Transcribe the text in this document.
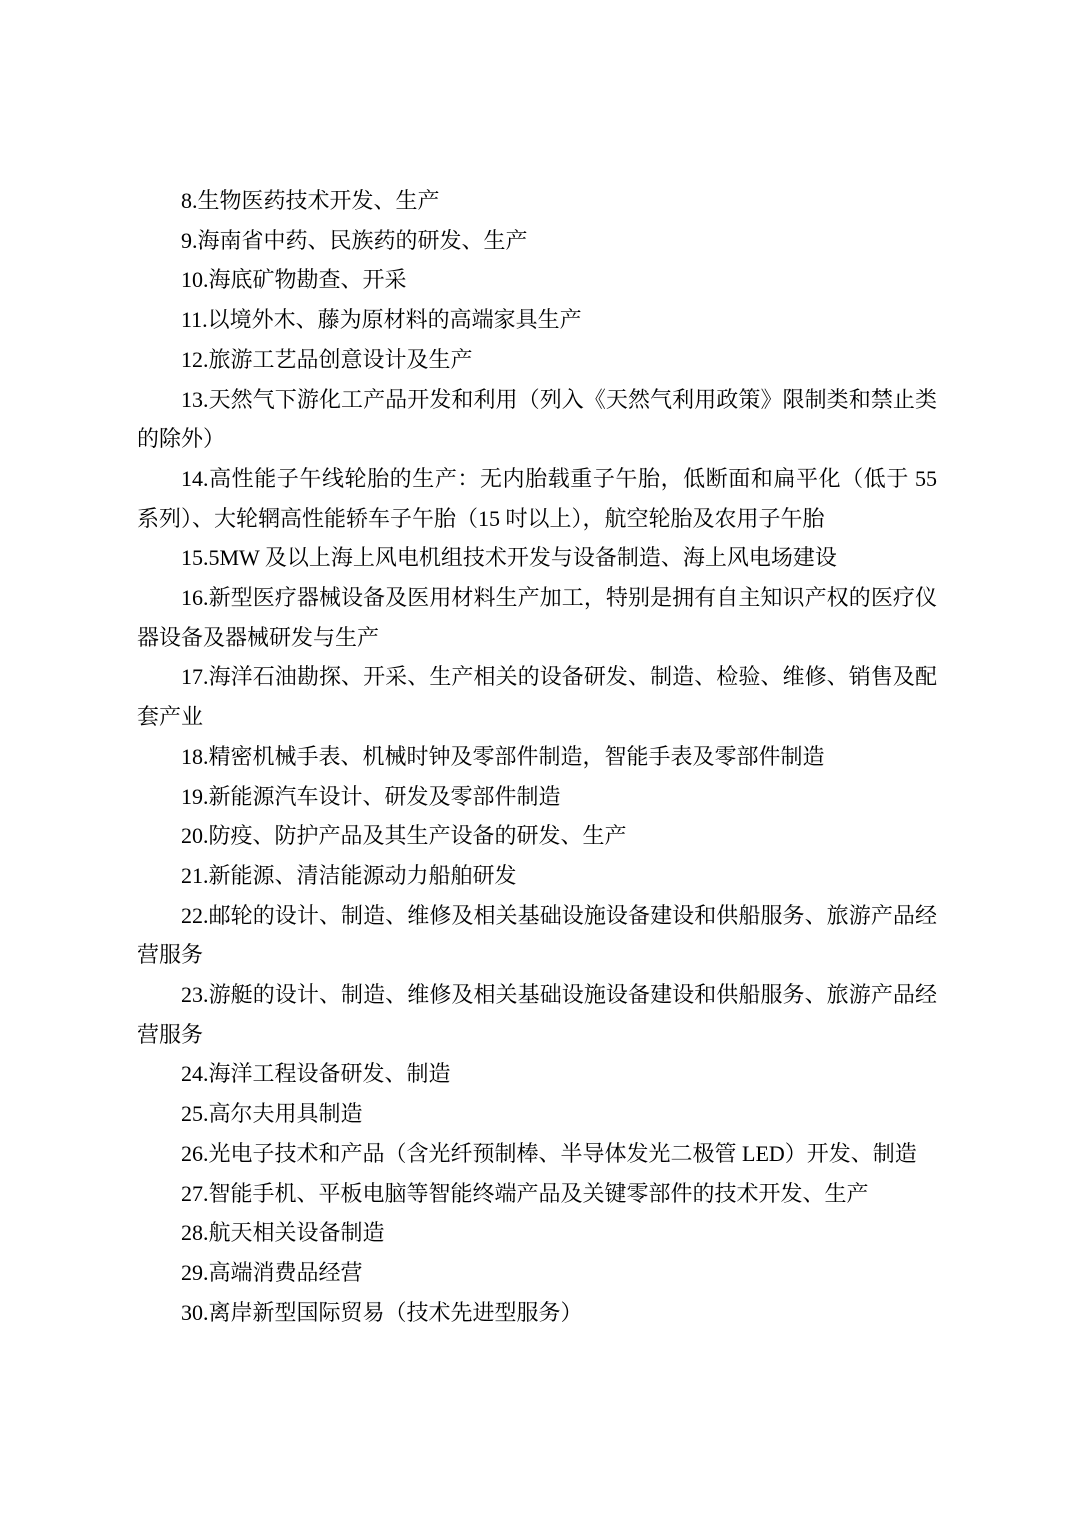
8.生物医药技术开发、生产

9.海南省中药、民族药的研发、生产

10.海底矿物勘查、开采

11.以境外木、藤为原材料的高端家具生产

12.旅游工艺品创意设计及生产

13.天然气下游化工产品开发和利用（列入《天然气利用政策》限制类和禁止类的除外）

14.高性能子午线轮胎的生产：无内胎载重子午胎，低断面和扁平化（低于 55 系列）、大轮辋高性能轿车子午胎（15 吋以上），航空轮胎及农用子午胎

15.5MW 及以上海上风电机组技术开发与设备制造、海上风电场建设

16.新型医疗器械设备及医用材料生产加工，特别是拥有自主知识产权的医疗仪器设备及器械研发与生产

17.海洋石油勘探、开采、生产相关的设备研发、制造、检验、维修、销售及配套产业

18.精密机械手表、机械时钟及零部件制造，智能手表及零部件制造

19.新能源汽车设计、研发及零部件制造

20.防疫、防护产品及其生产设备的研发、生产

21.新能源、清洁能源动力船舶研发

22.邮轮的设计、制造、维修及相关基础设施设备建设和供船服务、旅游产品经营服务

23.游艇的设计、制造、维修及相关基础设施设备建设和供船服务、旅游产品经营服务

24.海洋工程设备研发、制造

25.高尔夫用具制造

26.光电子技术和产品（含光纤预制棒、半导体发光二极管 LED）开发、制造

27.智能手机、平板电脑等智能终端产品及关键零部件的技术开发、生产

28.航天相关设备制造

29.高端消费品经营

30.离岸新型国际贸易（技术先进型服务）
